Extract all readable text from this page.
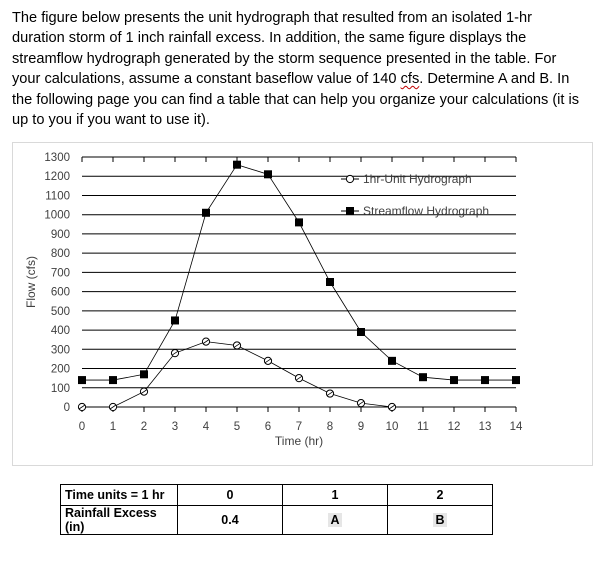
The figure below presents the unit hydrograph that resulted from an isolated 1-hr

duration storm of 1 inch rainfall excess. In addition, the same figure displays the

streamflow hydrograph generated by the storm sequence presented in the table. For

your calculations, assume a constant baseflow value of 140 cfs. Determine A and B. In

the following page you can find a table that can help you organize your calculations (it is

up to you if you want to use it).

0
100
200
300
400
500
600
700
800
900
1000
1100
1200
1300
0 1 2 3 4 5 6 7 8 9 10 11 12 13 14
Time (hr)
Flow (cfs)
1hr-Unit Hydrograph
Streamflow Hydrograph
Time units = 1 hr	0	1	2
Rainfall Excess (in)	0.4	A	B
